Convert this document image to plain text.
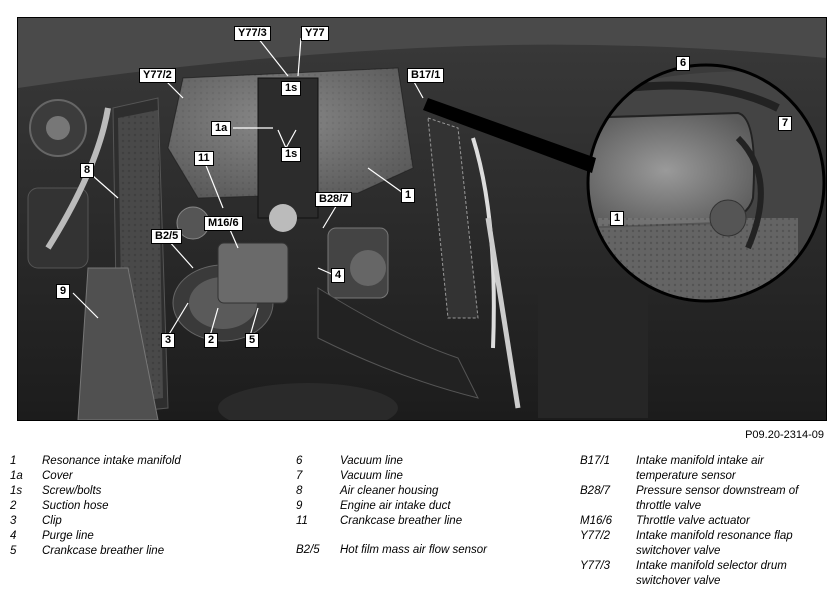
Y77/3	Y77
1s
Y77/2	B17/1
6
7
1a
1s
11
8
1
1
B28/7
M16/6
B2/5
4
9
3	2	5
P09.20-2314-09
1	Resonance intake manifold
1a	Cover
1s	Screw/bolts
2	Suction hose
3	Clip
4	Purge line
5	Crankcase breather line
6	Vacuum line
7	Vacuum line
8	Air cleaner housing
9	Engine air intake duct
11	Crankcase breather line
B2/5	Hot film mass air flow sensor
B17/1	Intake manifold intake air
temperature sensor
B28/7	Pressure sensor downstream of
throttle valve
M16/6	Throttle valve actuator
Y77/2	Intake manifold resonance flap
switchover valve
Y77/3	Intake manifold selector drum
switchover valve
